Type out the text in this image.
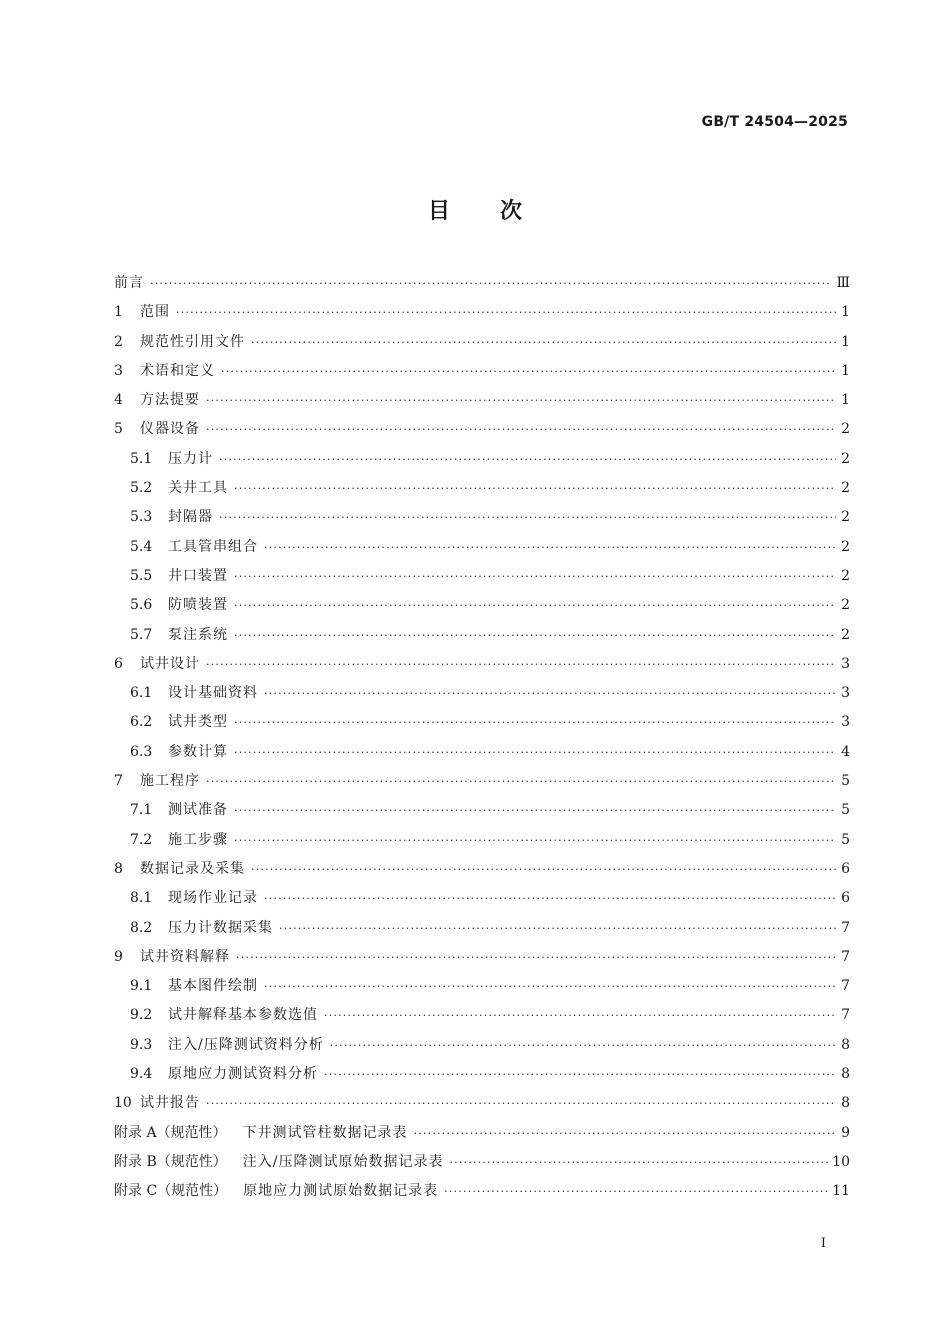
GB/T 24504—2025
目次
前言 ·····	Ⅲ
1	范围 ·····	1
2	规范性引用文件 ·····	1
3	术语和定义 ·····	1
4	方法提要 ·····	1
5	仪器设备 ·····	2
5.1	压力计 ·····	2
5.2	关井工具 ·····	2
5.3	封隔器 ·····	2
5.4	工具管串组合 ·····	2
5.5	井口装置 ·····	2
5.6	防喷装置 ·····	2
5.7	泵注系统 ·····	2
6	试井设计 ·····	3
6.1	设计基础资料 ·····	3
6.2	试井类型 ·····	3
6.3	参数计算 ·····	4
7	施工程序 ·····	5
7.1	测试准备 ·····	5
7.2	施工步骤 ·····	5
8	数据记录及采集 ·····	6
8.1	现场作业记录 ·····	6
8.2	压力计数据采集 ·····	7
9	试井资料解释 ·····	7
9.1	基本图件绘制 ·····	7
9.2	试井解释基本参数选值 ·····	7
9.3	注入/压降测试资料分析 ·····	8
9.4	原地应力测试资料分析 ·····	8
10 试井报告 ·····	8
附录 A（规范性） 下井测试管柱数据记录表 ·····	9
附录 B（规范性） 注入/压降测试原始数据记录表 ·····	10
附录 C（规范性） 原地应力测试原始数据记录表 ·····	11
I
